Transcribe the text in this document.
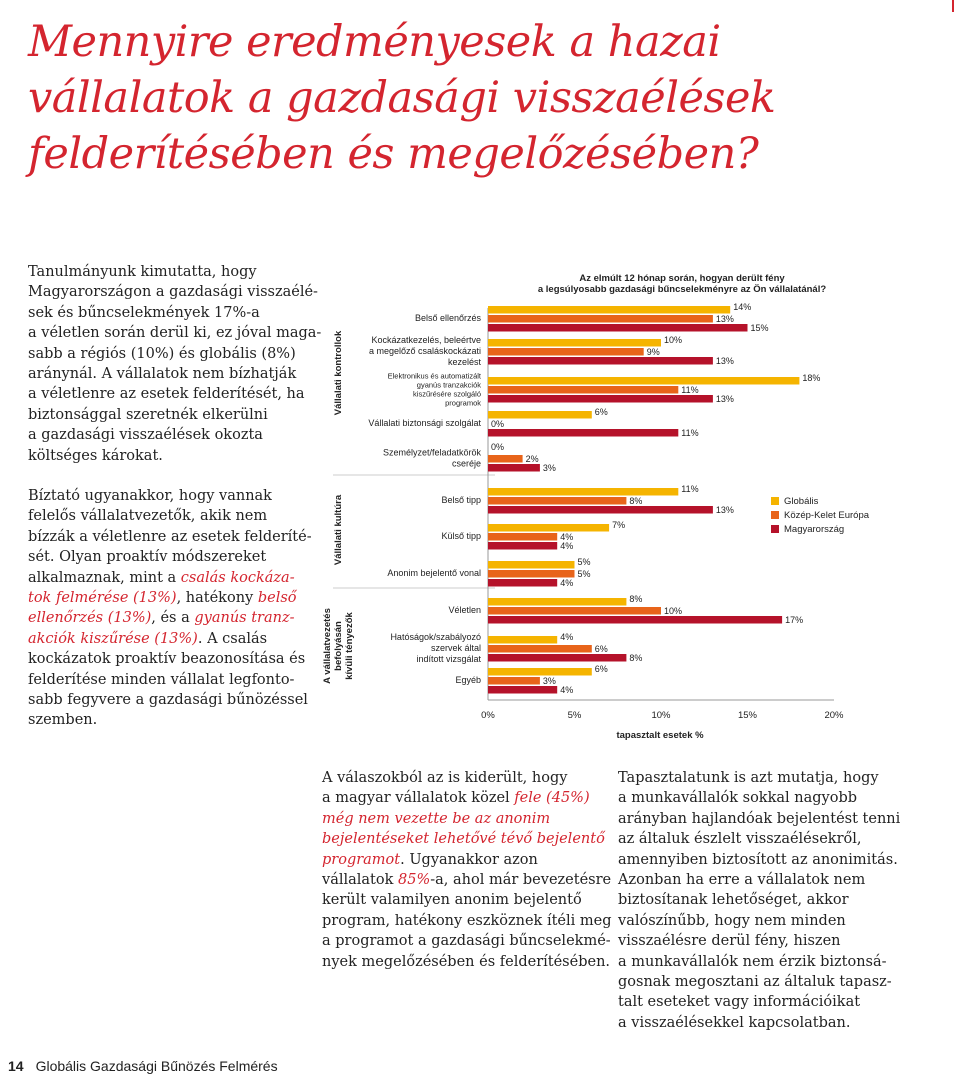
Mennyire eredményesek a hazai
vállalatok a gazdasági visszaélések
felderítésében és megelőzésében?
Tanulmányunk kimutatta, hogy
Magyarországon a gazdasági visszaélé-
sek és bűncselekmények 17%-a
a véletlen során derül ki, ez jóval maga-
sabb a régiós (10%) és globális (8%)
aránynál. A vállalatok nem bízhatják
a véletlenre az esetek felderítését, ha
biztonsággal szeretnék elkerülni
a gazdasági visszaélések okozta
költséges károkat.
Bíztató ugyanakkor, hogy vannak
felelős vállalatvezetők, akik nem
bízzák a véletlenre az esetek felderíté-
sét. Olyan proaktív módszereket
alkalmaznak, mint a csalás kockáza-
tok felmérése (13%), hatékony belső
ellenőrzés (13%), és a gyanús tranz-
akciók kiszűrése (13%). A csalás
kockázatok proaktív beazonosítása és
felderítése minden vállalat legfonto-
sabb fegyvere a gazdasági bűnözéssel
szemben.
Az elmúlt 12 hónap során, hogyan derült fény
a legsúlyosabb gazdasági bűncselekményre az Ön vállalatánál?
Vállalati kontrollok
Vállalati kultúra
A vállalatvezetés befolyásán kívüli tényezők
Belső ellenőrzés
Kockázatkezelés, beleértve
a megelőző csaláskockázati
kezelést
Elektronikus és automatizált
gyanús tranzakciók
kiszűrésére szolgáló
programok
Vállalati biztonsági szolgálat
Személyzet/feladatkörök
cseréje
Belső tipp
Külső tipp
Anonim bejelentő vonal
Véletlen
Hatóságok/szabályozó
szervek által
indított vizsgálat
Egyéb
14%
10%
18%
6%
0%
11%
7%
5%
8%
4%
6%
13%
9%
11%
0%
2%
8%
4%
5%
10%
6%
3%
15%
13%
13%
11%
3%
13%
4%
4%
17%
8%
4%
0%	5%	10%	15%	20%
tapasztalt esetek %
Globális
Közép-Kelet Európa
Magyarország
A válaszokból az is kiderült, hogy
a magyar vállalatok közel fele (45%)
még nem vezette be az anonim
bejelentéseket lehetővé tévő bejelentő
programot. Ugyanakkor azon
vállalatok 85%-a, ahol már bevezetésre
került valamilyen anonim bejelentő
program, hatékony eszköznek ítéli meg
a programot a gazdasági bűncselekmé-
nyek megelőzésében és felderítésében.
Tapasztalatunk is azt mutatja, hogy
a munkavállalók sokkal nagyobb
arányban hajlandóak bejelentést tenni
az általuk észlelt visszaélésekről,
amennyiben biztosított az anonimitás.
Azonban ha erre a vállalatok nem
biztosítanak lehetőséget, akkor
valószínűbb, hogy nem minden
visszaélésre derül fény, hiszen
a munkavállalók nem érzik biztonsá-
gosnak megosztani az általuk tapasz-
talt eseteket vagy információikat
a visszaélésekkel kapcsolatban.
14 Globális Gazdasági Bűnözés Felmérés
